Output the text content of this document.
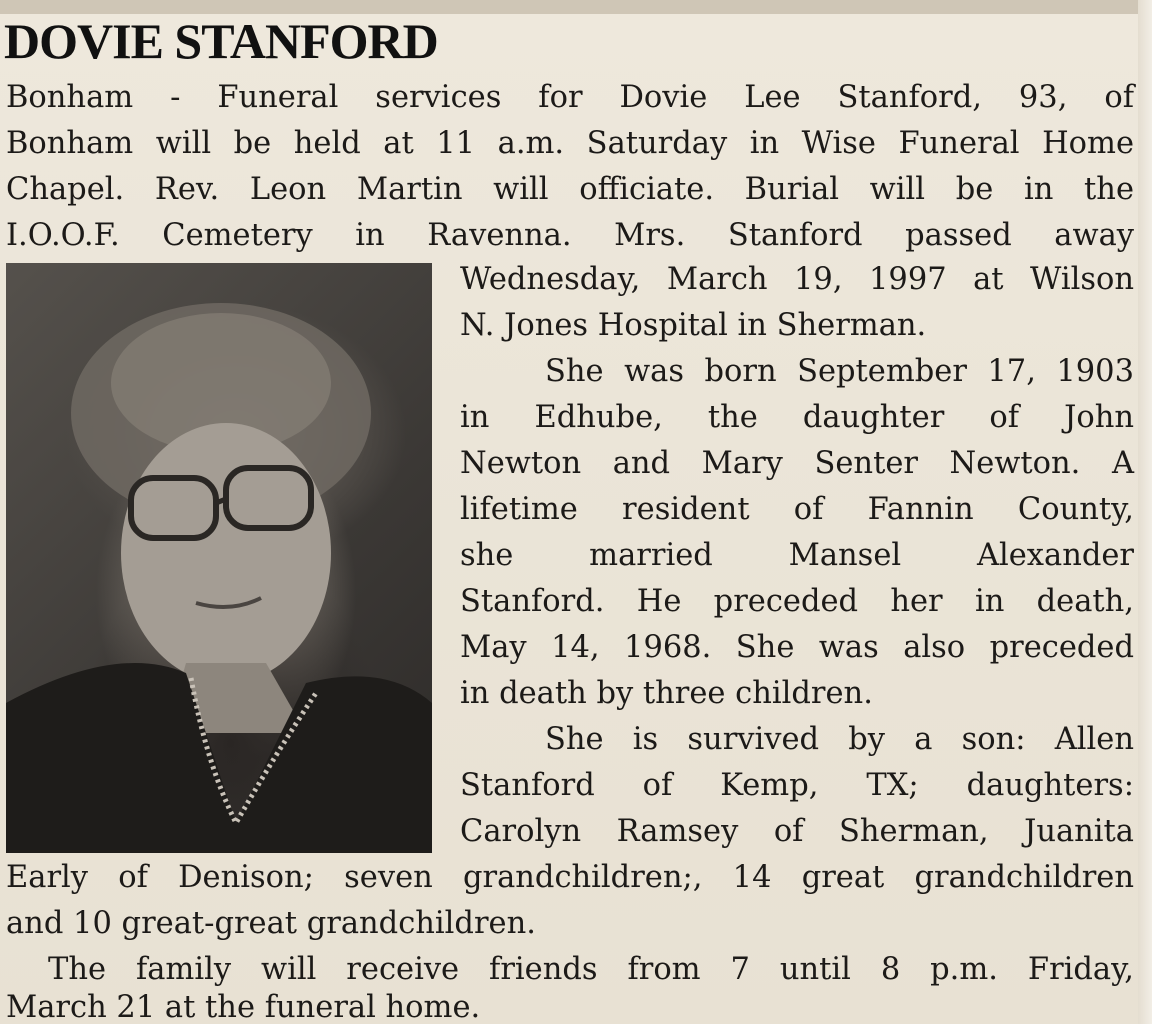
DOVIE STANFORD
Bonham - Funeral services for Dovie Lee Stanford, 93, of
Bonham will be held at 11 a.m. Saturday in Wise Funeral Home
Chapel. Rev. Leon Martin will officiate. Burial will be in the
I.O.O.F. Cemetery in Ravenna. Mrs. Stanford passed away
Wednesday, March 19, 1997 at Wilson
N. Jones Hospital in Sherman.
She was born September 17, 1903
in Edhube, the daughter of John
Newton and Mary Senter Newton. A
lifetime resident of Fannin County,
she married Mansel Alexander
Stanford. He preceded her in death,
May 14, 1968. She was also preceded
in death by three children.
She is survived by a son: Allen
Stanford of Kemp, TX; daughters:
Carolyn Ramsey of Sherman, Juanita
Early of Denison; seven grandchildren;, 14 great grandchildren
and 10 great-great grandchildren.
The family will receive friends from 7 until 8 p.m. Friday,
March 21 at the funeral home.
